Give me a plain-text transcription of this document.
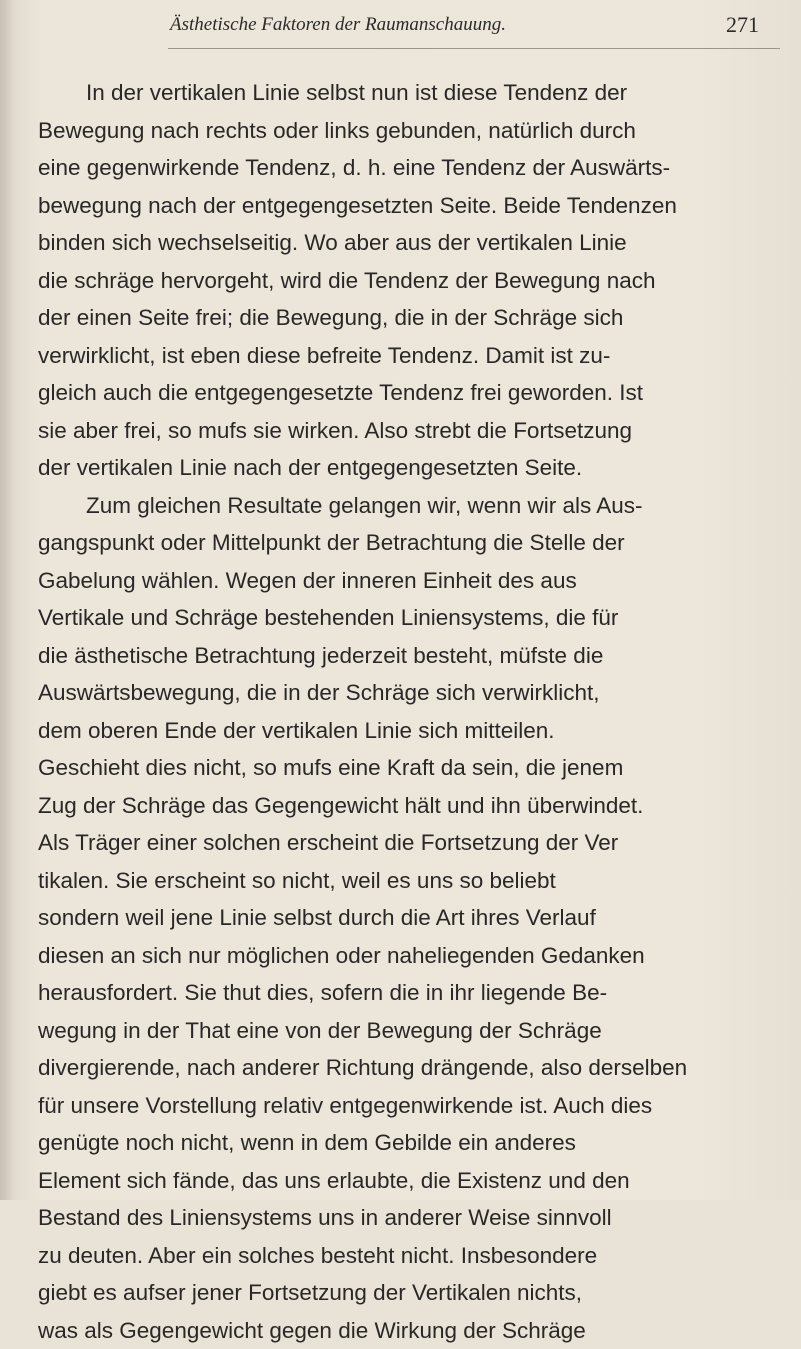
Ästhetische Faktoren der Raumanschauung.	271
In der vertikalen Linie selbst nun ist diese Tendenz der
Bewegung nach rechts oder links gebunden, natürlich durch
eine gegenwirkende Tendenz, d. h. eine Tendenz der Auswärts-
bewegung nach der entgegengesetzten Seite. Beide Tendenzen
binden sich wechselseitig. Wo aber aus der vertikalen Linie
die schräge hervorgeht, wird die Tendenz der Bewegung nach
der einen Seite frei; die Bewegung, die in der Schräge sich
verwirklicht, ist eben diese befreite Tendenz. Damit ist zu-
gleich auch die entgegengesetzte Tendenz frei geworden. Ist
sie aber frei, so mufs sie wirken. Also strebt die Fortsetzung
der vertikalen Linie nach der entgegengesetzten Seite.
Zum gleichen Resultate gelangen wir, wenn wir als Aus-
gangspunkt oder Mittelpunkt der Betrachtung die Stelle der
Gabelung wählen. Wegen der inneren Einheit des aus
Vertikale und Schräge bestehenden Liniensystems, die für
die ästhetische Betrachtung jederzeit besteht, müfste die
Auswärtsbewegung, die in der Schräge sich verwirklicht,
dem oberen Ende der vertikalen Linie sich mitteilen.
Geschieht dies nicht, so mufs eine Kraft da sein, die jenem
Zug der Schräge das Gegengewicht hält und ihn überwindet.
Als Träger einer solchen erscheint die Fortsetzung der Ver
tikalen. Sie erscheint so nicht, weil es uns so beliebt
sondern weil jene Linie selbst durch die Art ihres Verlauf
diesen an sich nur möglichen oder naheliegenden Gedanken
herausfordert. Sie thut dies, sofern die in ihr liegende Be-
wegung in der That eine von der Bewegung der Schräge
divergierende, nach anderer Richtung drängende, also derselben
für unsere Vorstellung relativ entgegenwirkende ist. Auch dies
genügte noch nicht, wenn in dem Gebilde ein anderes
Element sich fände, das uns erlaubte, die Existenz und den
Bestand des Liniensystems uns in anderer Weise sinnvoll
zu deuten. Aber ein solches besteht nicht. Insbesondere
giebt es aufser jener Fortsetzung der Vertikalen nichts,
was als Gegengewicht gegen die Wirkung der Schräge
